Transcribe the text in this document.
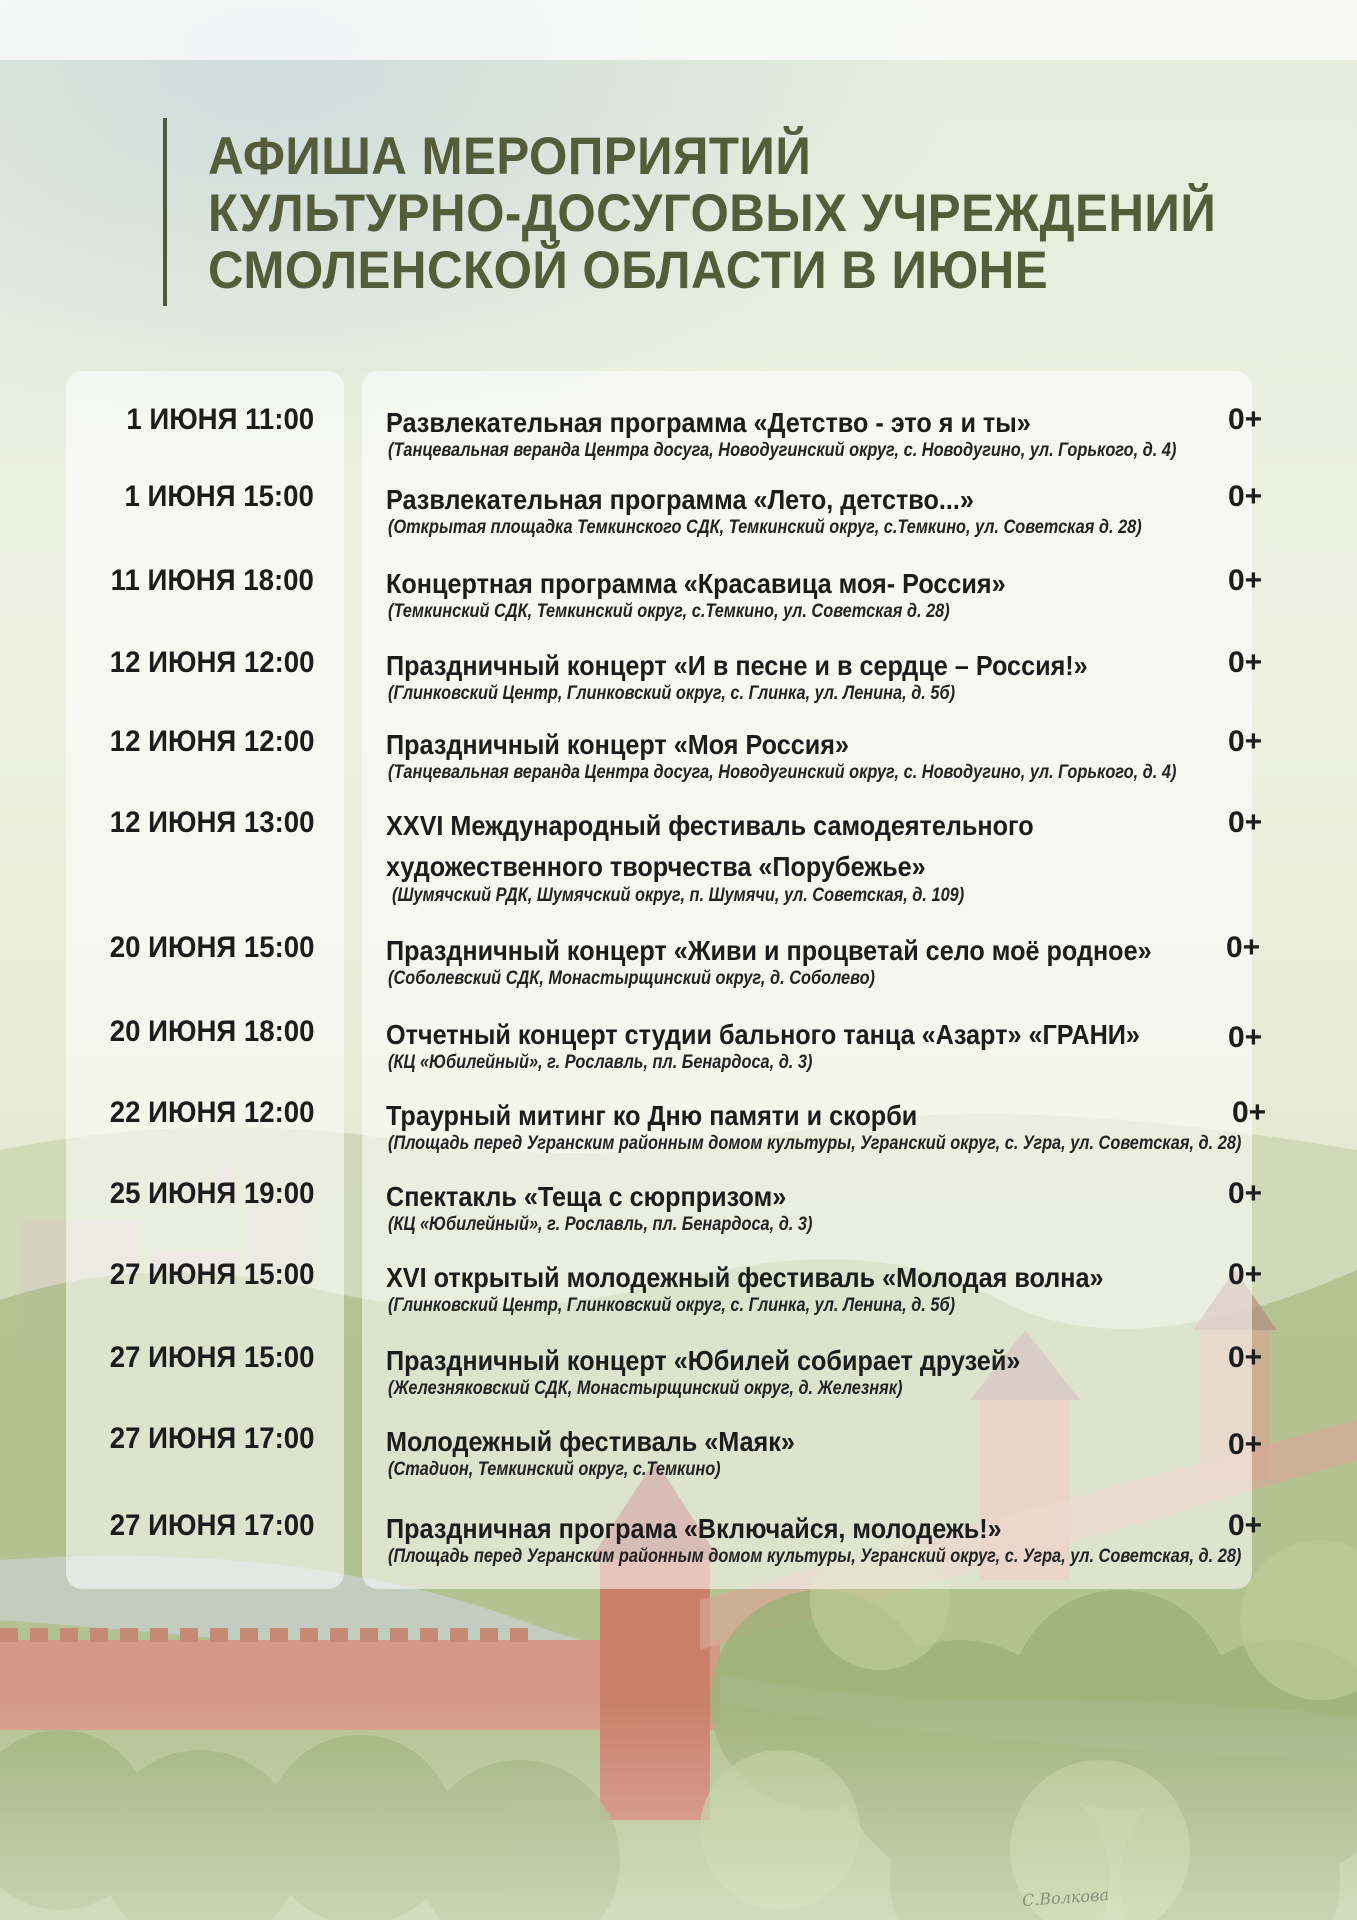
АФИША МЕРОПРИЯТИЙ
КУЛЬТУРНО-ДОСУГОВЫХ УЧРЕЖДЕНИЙ
СМОЛЕНСКОЙ ОБЛАСТИ В ИЮНЕ
1 ИЮНЯ 11:00	Развлекательная программа «Детство - это я и ты»
(Танцевальная веранда Центра досуга, Новодугинский округ, с. Новодугино, ул. Горького, д. 4)
0+
1 ИЮНЯ 15:00	Развлекательная программа «Лето, детство...»
(Открытая площадка Темкинского СДК, Темкинский округ, с.Темкино, ул. Советская д. 28)
0+
11 ИЮНЯ 18:00	Концертная программа «Красавица моя- Россия»
(Темкинский СДК, Темкинский округ, с.Темкино, ул. Советская д. 28)
0+
12 ИЮНЯ 12:00	Праздничный концерт «И в песне и в сердце – Россия!»
(Глинковский Центр, Глинковский округ, с. Глинка, ул. Ленина, д. 5б)
0+
12 ИЮНЯ 12:00	Праздничный концерт «Моя Россия»
(Танцевальная веранда Центра досуга, Новодугинский округ, с. Новодугино, ул. Горького, д. 4)
0+
12 ИЮНЯ 13:00	XXVI Международный фестиваль самодеятельного
художественного творчества «Порубежье»
(Шумячский РДК, Шумячский округ, п. Шумячи, ул. Советская, д. 109)
0+
20 ИЮНЯ 15:00	Праздничный концерт «Живи и процветай село моё родное»
(Соболевский СДК, Монастырщинский округ, д. Соболево)
0+
20 ИЮНЯ 18:00	Отчетный концерт студии бального танца «Азарт» «ГРАНИ»
(КЦ «Юбилейный», г. Рославль, пл. Бенардоса, д. 3)
0+
22 ИЮНЯ 12:00	Траурный митинг ко Дню памяти и скорби
(Площадь перед Угранским районным домом культуры, Угранский округ, с. Угра, ул. Советская, д. 28)
0+
25 ИЮНЯ 19:00	Спектакль «Теща с сюрпризом»
(КЦ «Юбилейный», г. Рославль, пл. Бенардоса, д. 3)
0+
27 ИЮНЯ 15:00	XVI открытый молодежный фестиваль «Молодая волна»
(Глинковский Центр, Глинковский округ, с. Глинка, ул. Ленина, д. 5б)
0+
27 ИЮНЯ 15:00	Праздничный концерт «Юбилей собирает друзей»
(Железняковский СДК, Монастырщинский округ, д. Железняк)
0+
27 ИЮНЯ 17:00	Молодежный фестиваль «Маяк»
(Стадион, Темкинский округ, с.Темкино)
0+
27 ИЮНЯ 17:00	Праздничная програма «Включайся, молодежь!»
(Площадь перед Угранским районным домом культуры, Угранский округ, с. Угра, ул. Советская, д. 28)
0+
С.Волкова
